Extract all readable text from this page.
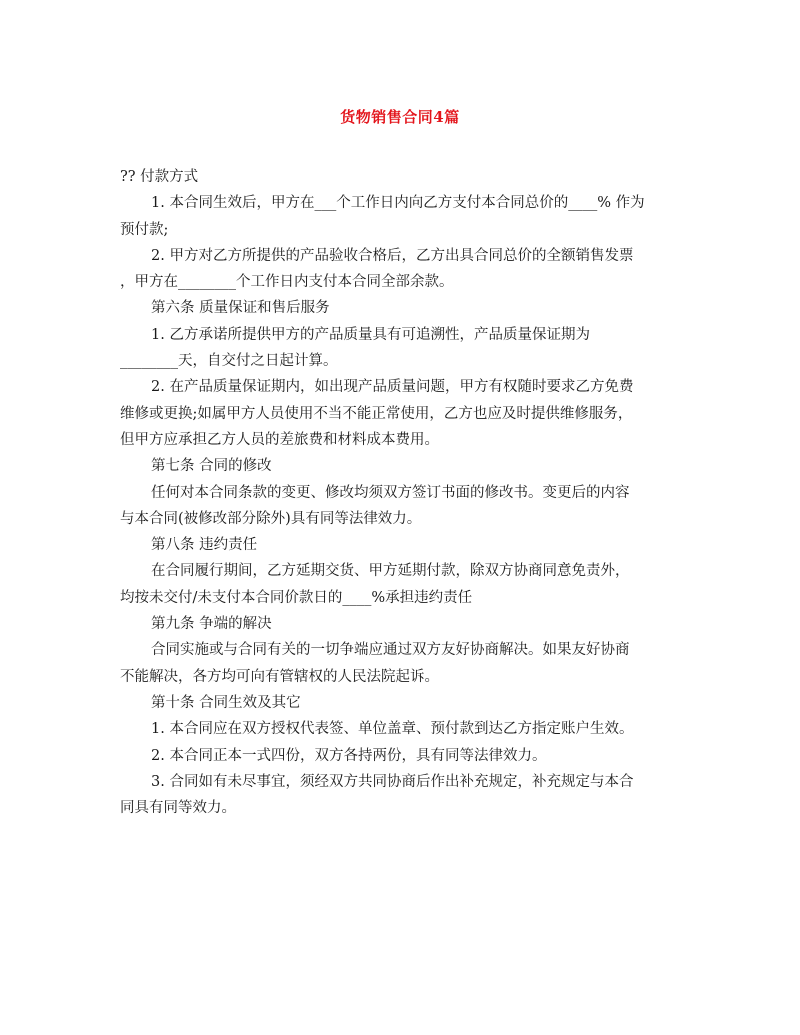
货物销售合同4篇
?? 付款方式
1. 本合同生效后，甲方在___个工作日内向乙方支付本合同总价的____% 作为
预付款;
2. 甲方对乙方所提供的产品验收合格后，乙方出具合同总价的全额销售发票
，甲方在________个工作日内支付本合同全部余款。
第六条 质量保证和售后服务
1. 乙方承诺所提供甲方的产品质量具有可追溯性，产品质量保证期为
________天，自交付之日起计算。
2. 在产品质量保证期内，如出现产品质量问题，甲方有权随时要求乙方免费
维修或更换;如属甲方人员使用不当不能正常使用，乙方也应及时提供维修服务，
但甲方应承担乙方人员的差旅费和材料成本费用。
第七条 合同的修改
任何对本合同条款的变更、修改均须双方签订书面的修改书。变更后的内容
与本合同(被修改部分除外)具有同等法律效力。
第八条 违约责任
在合同履行期间，乙方延期交货、甲方延期付款，除双方协商同意免责外，
均按未交付/未支付本合同价款日的____%承担违约责任
第九条 争端的解决
合同实施或与合同有关的一切争端应通过双方友好协商解决。如果友好协商
不能解决，各方均可向有管辖权的人民法院起诉。
第十条 合同生效及其它
1. 本合同应在双方授权代表签、单位盖章、预付款到达乙方指定账户生效。
2. 本合同正本一式四份，双方各持两份，具有同等法律效力。
3. 合同如有未尽事宜，须经双方共同协商后作出补充规定，补充规定与本合
同具有同等效力。
